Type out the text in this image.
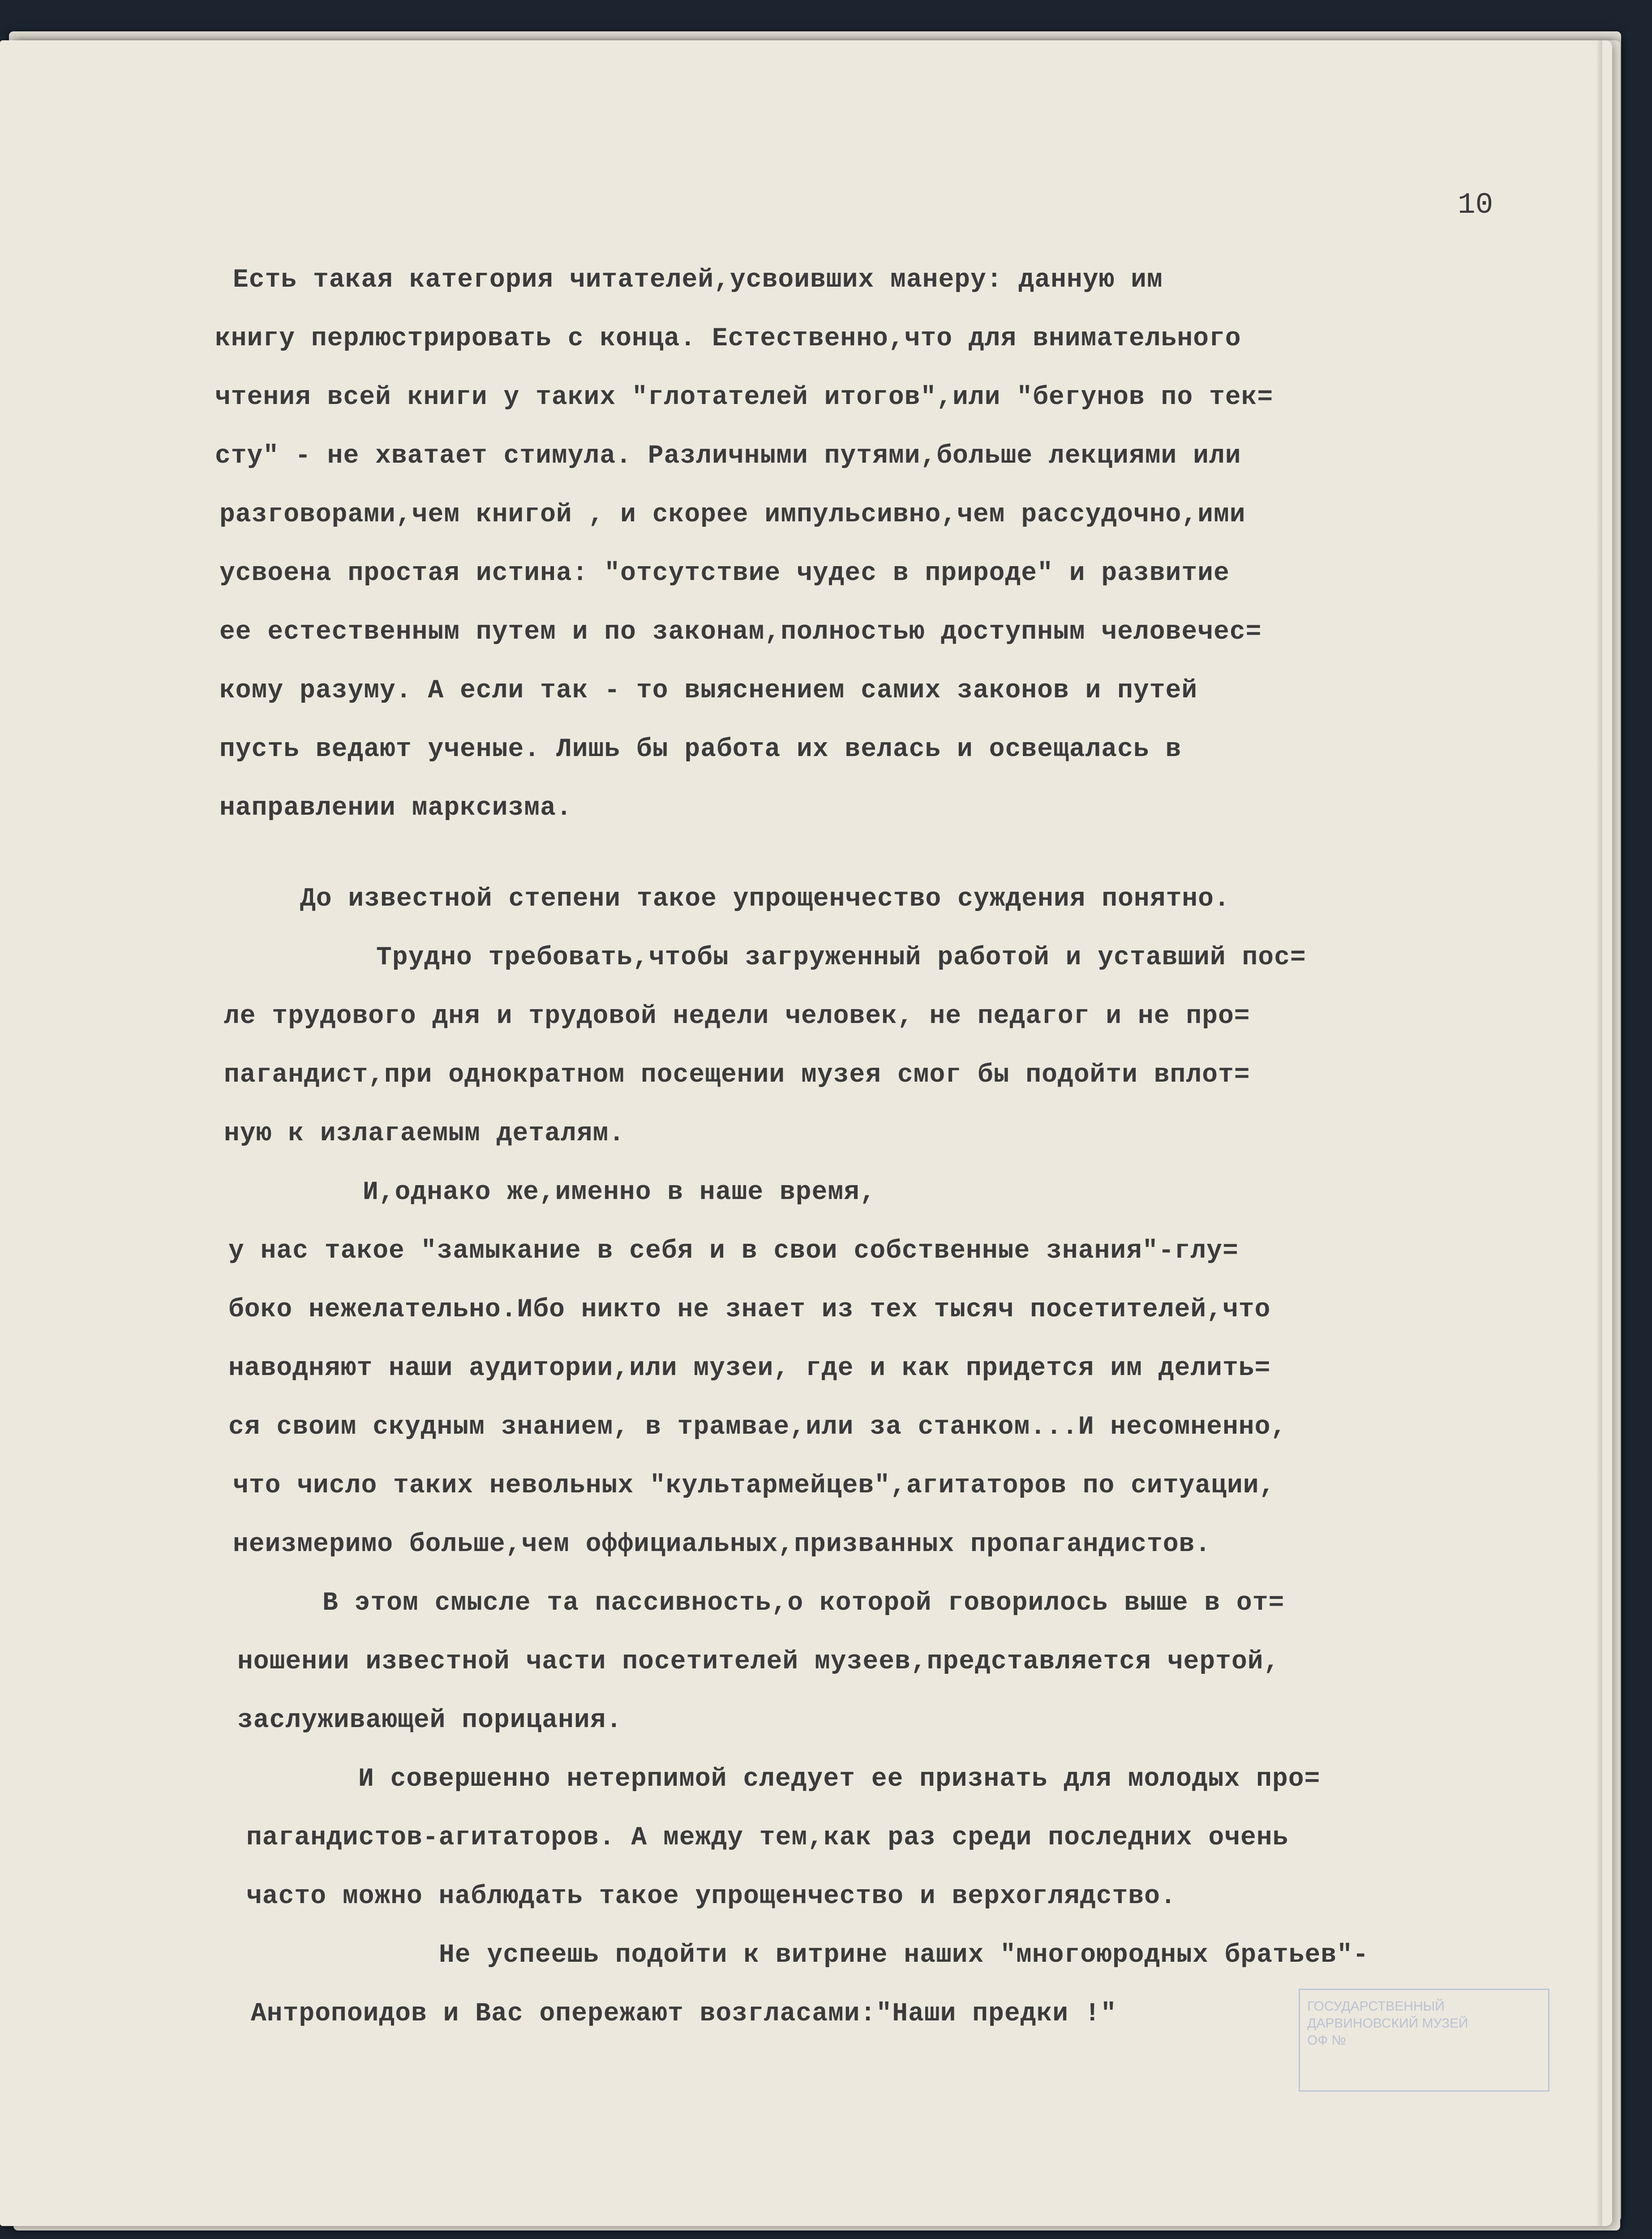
10

Есть такая категория читателей,усвоивших манеру: данную им

книгу перлюстрировать с конца. Естественно,что для внимательного

чтения всей книги у таких "глотателей итогов",или "бегунов по тек=

сту" - не хватает стимула. Различными путями,больше лекциями или

разговорами,чем книгой , и скорее импульсивно,чем рассудочно,ими

усвоена простая истина: "отсутствие чудес в природе" и развитие

ее естественным путем и по законам,полностью доступным человечес=

кому разуму. А если так - то выяснением самих законов и путей

пусть ведают ученые. Лишь бы работа их велась и освещалась в

направлении марксизма.

До известной степени такое упрощенчество суждения понятно.

Трудно требовать,чтобы загруженный работой и уставший пос=

ле трудового дня и трудовой недели человек, не педагог и не про=

пагандист,при однократном посещении музея смог бы подойти вплот=

ную к излагаемым деталям.

И,однако же,именно в наше время,

у нас такое "замыкание в себя и в свои собственные знания"-глу=

боко нежелательно.Ибо никто не знает из тех тысяч посетителей,что

наводняют наши аудитории,или музеи, где и как придется им делить=

ся своим скудным знанием, в трамвае,или за станком...И несомненно,

что число таких невольных "культармейцев",агитаторов по ситуации,

неизмеримо больше,чем оффициальных,призванных пропагандистов.

В этом смысле та пассивность,о которой говорилось выше в от=

ношении известной части посетителей музеев,представляется чертой,

заслуживающей порицания.

И совершенно нетерпимой следует ее признать для молодых про=

пагандистов-агитаторов. А между тем,как раз среди последних очень

часто можно наблюдать такое упрощенчество и верхоглядство.

Не успеешь подойти к витрине наших "многоюродных братьев"-

Антропоидов и Вас опережают возгласами:"Наши предки !"	ГОСУДАРСТВЕННЫЙ
ДАРВИНОВСКИЙ МУЗЕЙ
ОФ №
